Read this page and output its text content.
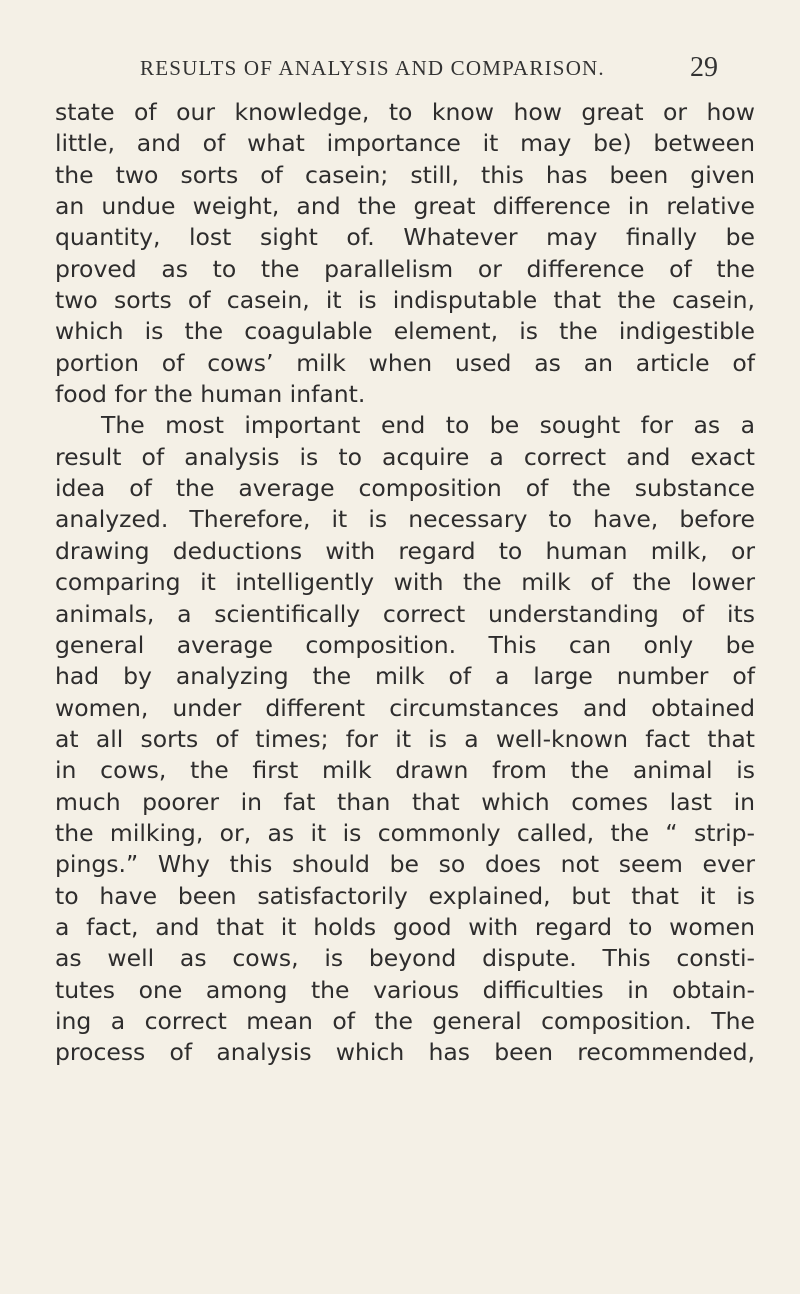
RESULTS OF ANALYSIS AND COMPARISON.	29
state of our knowledge, to know how great or how
little, and of what importance it may be) between
the two sorts of casein; still, this has been given
an undue weight, and the great difference in relative
quantity, lost sight of. Whatever may finally be
proved as to the parallelism or difference of the
two sorts of casein, it is indisputable that the casein,
which is the coagulable element, is the indigestible
portion of cows’ milk when used as an article of
food for the human infant.
The most important end to be sought for as a
result of analysis is to acquire a correct and exact
idea of the average composition of the substance
analyzed. Therefore, it is necessary to have, before
drawing deductions with regard to human milk, or
comparing it intelligently with the milk of the lower
animals, a scientifically correct understanding of its
general average composition. This can only be
had by analyzing the milk of a large number of
women, under different circumstances and obtained
at all sorts of times; for it is a well-known fact that
in cows, the first milk drawn from the animal is
much poorer in fat than that which comes last in
the milking, or, as it is commonly called, the “ strip-
pings.” Why this should be so does not seem ever
to have been satisfactorily explained, but that it is
a fact, and that it holds good with regard to women
as well as cows, is beyond dispute. This consti-
tutes one among the various difficulties in obtain-
ing a correct mean of the general composition. The
process of analysis which has been recommended,
